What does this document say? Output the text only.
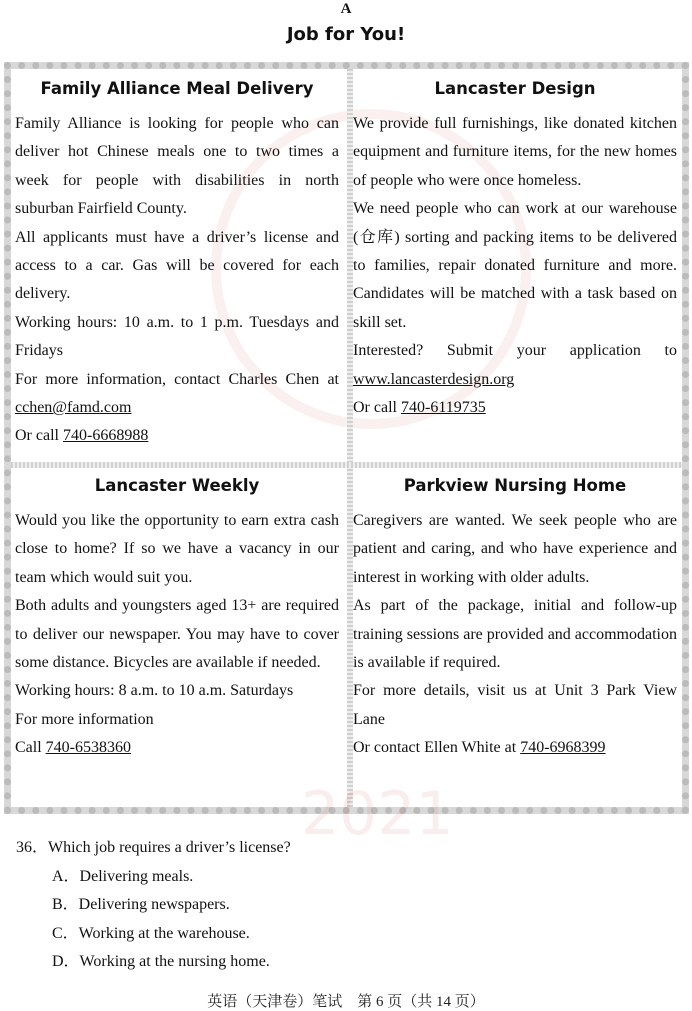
A
Job for You!
Family Alliance Meal Delivery

Family Alliance is looking for people who can deliver hot Chinese meals one to two times a week for people with disabilities in north suburban Fairfield County.

All applicants must have a driver’s license and access to a car. Gas will be covered for each delivery.

Working hours: 10 a.m. to 1 p.m. Tuesdays and Fridays

For more information, contact Charles Chen at cchen@famd.com

Or call 740-6668988

Lancaster Design

We provide full furnishings, like donated kitchen equipment and furniture items, for the new homes of people who were once homeless.

We need people who can work at our warehouse (仓库) sorting and packing items to be delivered to families, repair donated furniture and more. Candidates will be matched with a task based on skill set.

Interested? Submit your application to www.lancasterdesign.org

Or call 740-6119735

Lancaster Weekly

Would you like the opportunity to earn extra cash close to home? If so we have a vacancy in our team which would suit you.

Both adults and youngsters aged 13+ are required to deliver our newspaper. You may have to cover some distance. Bicycles are available if needed.

Working hours: 8 a.m. to 10 a.m. Saturdays

For more information

Call 740-6538360

Parkview Nursing Home

Caregivers are wanted. We seek people who are patient and caring, and who have experience and interest in working with older adults.

As part of the package, initial and follow-up training sessions are provided and accommodation is available if required.

For more details, visit us at Unit 3 Park View Lane

Or contact Ellen White at 740-6968399

2021
36．Which job requires a driver’s license?
A．Delivering meals.
B．Delivering newspapers.
C．Working at the warehouse.
D．Working at the nursing home.
英语（天津卷）笔试　第 6 页（共 14 页）
